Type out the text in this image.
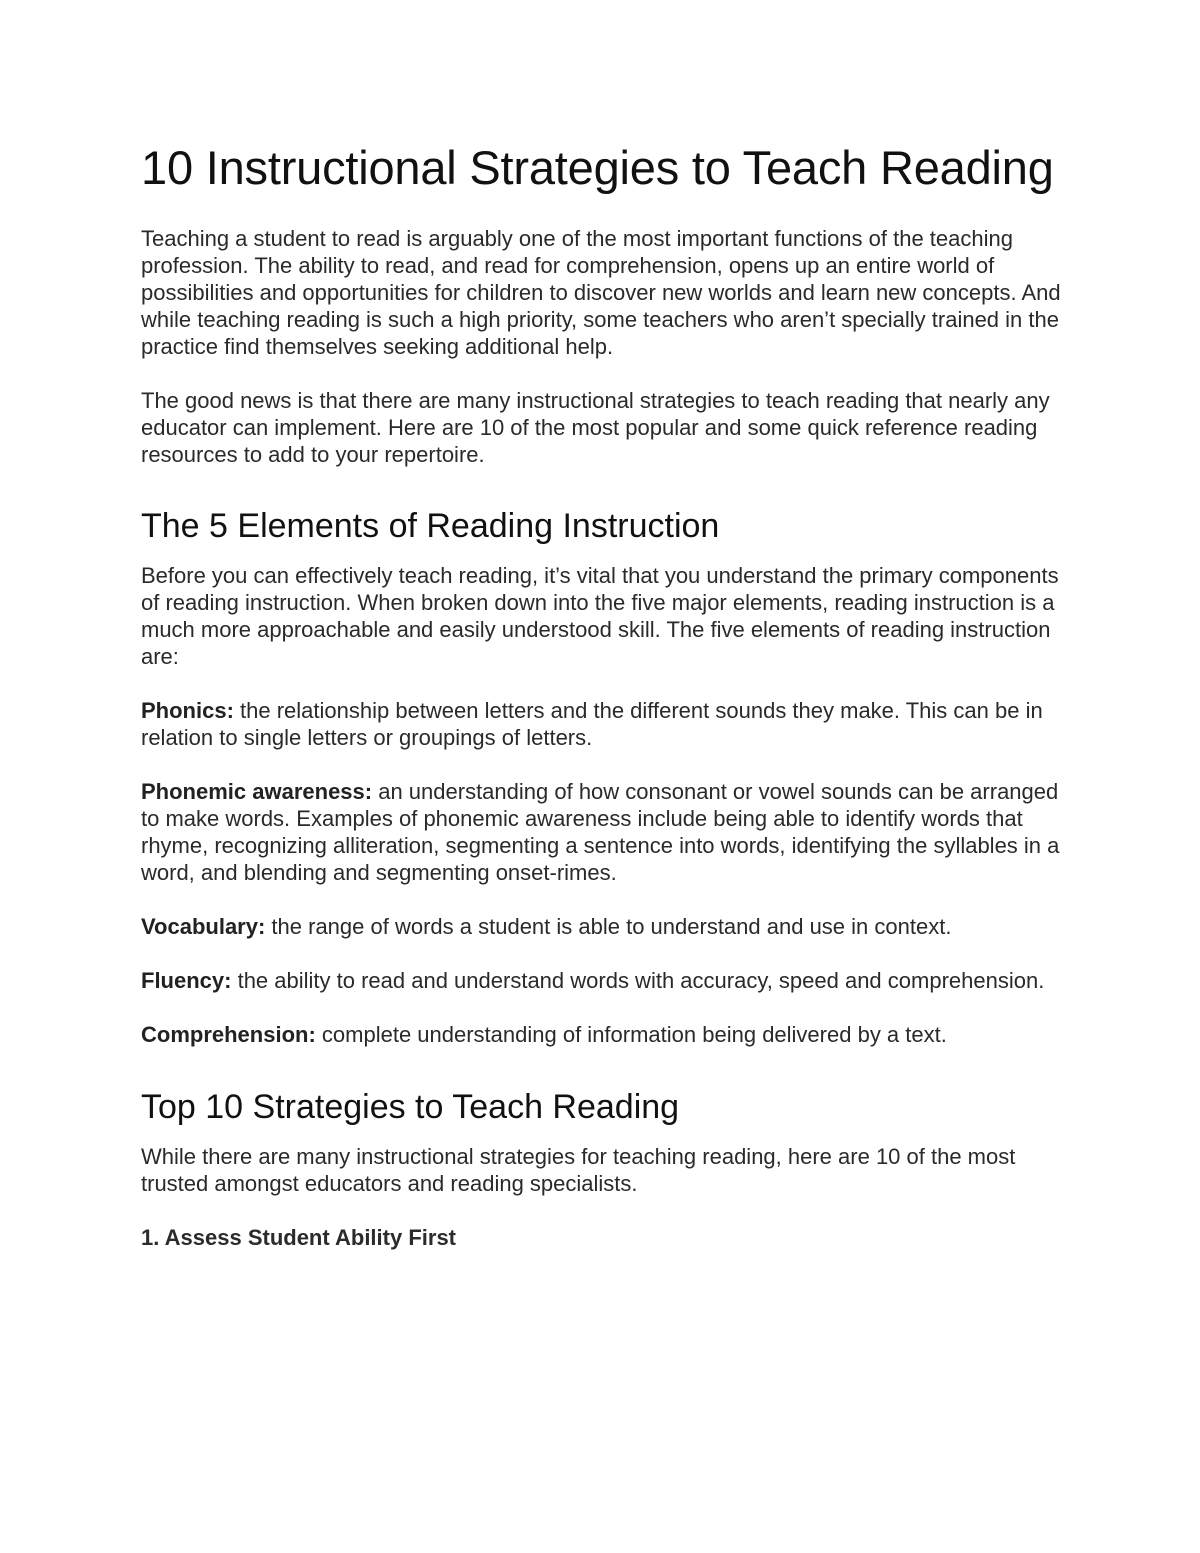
10 Instructional Strategies to Teach Reading

Teaching a student to read is arguably one of the most important functions of the teaching profession. The ability to read, and read for comprehension, opens up an entire world of possibilities and opportunities for children to discover new worlds and learn new concepts. And while teaching reading is such a high priority, some teachers who aren’t specially trained in the practice find themselves seeking additional help.

The good news is that there are many instructional strategies to teach reading that nearly any educator can implement. Here are 10 of the most popular and some quick reference reading resources to add to your repertoire.

The 5 Elements of Reading Instruction

Before you can effectively teach reading, it’s vital that you understand the primary components of reading instruction. When broken down into the five major elements, reading instruction is a much more approachable and easily understood skill. The five elements of reading instruction are:

Phonics: the relationship between letters and the different sounds they make. This can be in relation to single letters or groupings of letters.

Phonemic awareness: an understanding of how consonant or vowel sounds can be arranged to make words. Examples of phonemic awareness include being able to identify words that rhyme, recognizing alliteration, segmenting a sentence into words, identifying the syllables in a word, and blending and segmenting onset-rimes.

Vocabulary: the range of words a student is able to understand and use in context.

Fluency: the ability to read and understand words with accuracy, speed and comprehension.

Comprehension: complete understanding of information being delivered by a text.

Top 10 Strategies to Teach Reading

While there are many instructional strategies for teaching reading, here are 10 of the most trusted amongst educators and reading specialists.

1. Assess Student Ability First
